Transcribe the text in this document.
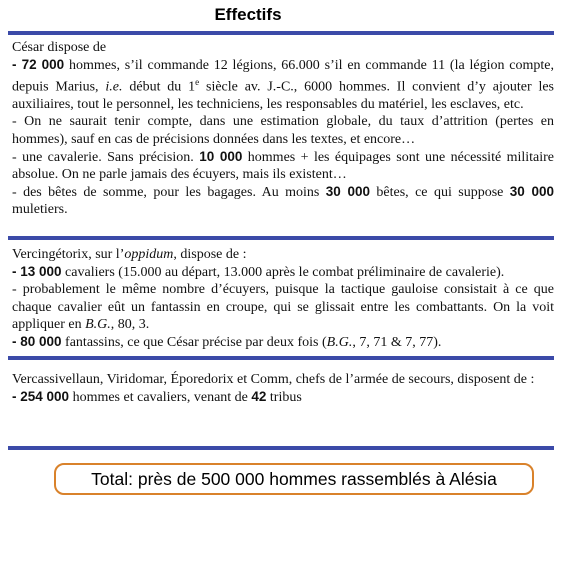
Effectifs

César dispose de

- 72 000 hommes, s’il commande 12 légions, 66.000 s’il en commande 11 (la légion compte, depuis Marius, i.e. début du 1e siècle av. J.-C., 6000 hommes. Il convient d’y ajouter les auxiliaires, tout le personnel, les techniciens, les responsables du matériel, les esclaves, etc.

- On ne saurait tenir compte, dans une estimation globale, du taux d’attrition (pertes en hommes), sauf en cas de précisions données dans les textes, et encore…

- une cavalerie. Sans précision. 10 000 hommes + les équipages sont une nécessité militaire absolue. On ne parle jamais des écuyers, mais ils existent…

- des bêtes de somme, pour les bagages. Au moins 30 000 bêtes, ce qui suppose 30 000 muletiers.

Vercingétorix, sur l’oppidum, dispose de :

- 13 000 cavaliers (15.000 au départ, 13.000 après le combat préliminaire de cavalerie).

- probablement le même nombre d’écuyers, puisque la tactique gauloise consistait à ce que chaque cavalier eût un fantassin en croupe, qui se glissait entre les combattants. On la voit appliquer en B.G., 80, 3.

- 80 000 fantassins, ce que César précise par deux fois (B.G., 7, 71 & 7, 77).

Vercassivellaun, Viridomar, Époredorix et Comm, chefs de l’armée de secours, disposent de :

- 254 000 hommes et cavaliers, venant de 42 tribus

Total: près de 500 000 hommes rassemblés à Alésia
